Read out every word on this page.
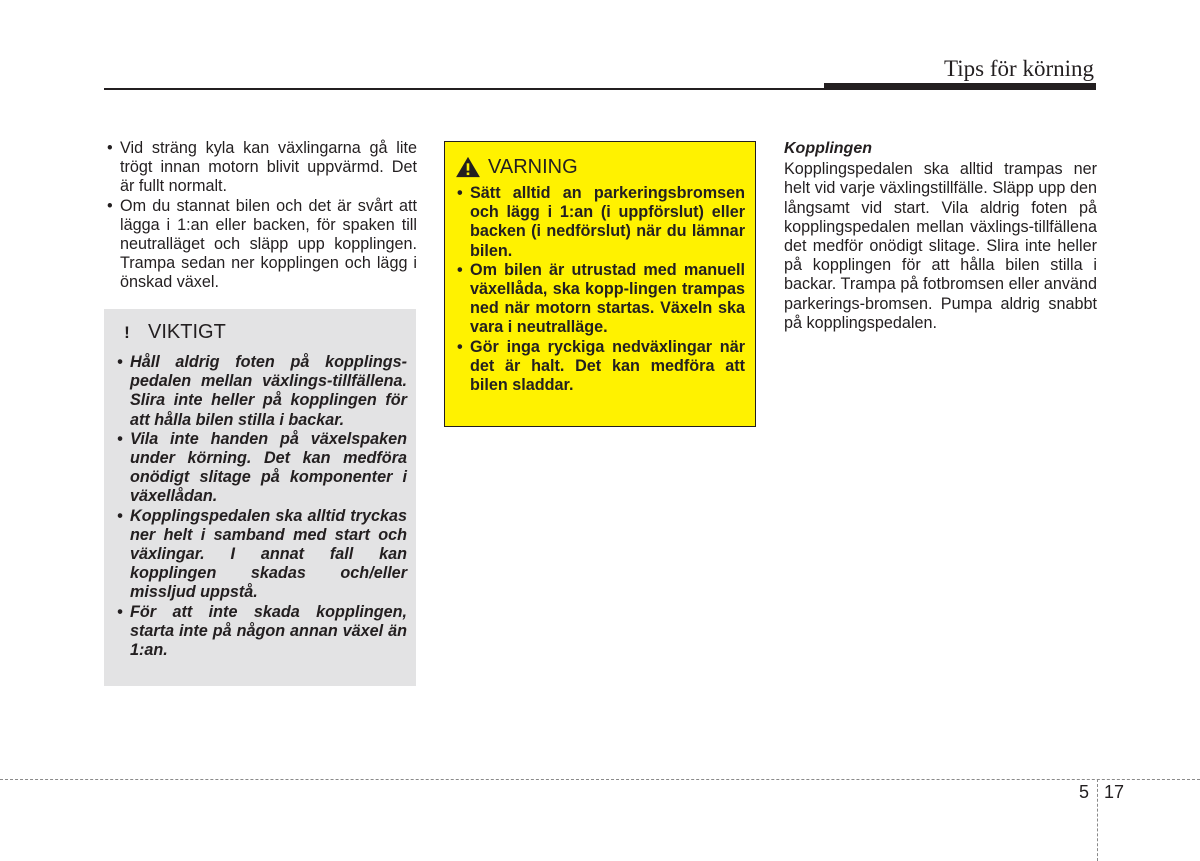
Tips för körning
• Vid sträng kyla kan växlingarna gå lite trögt innan motorn blivit uppvärmd. Det är fullt normalt.
• Om du stannat bilen och det är svårt att lägga i 1:an eller backen, för spaken till neutralläget och släpp upp kopplingen. Trampa sedan ner kopplingen och lägg i önskad växel.
! VIKTIGT
• Håll aldrig foten på kopplings-pedalen mellan växlings-tillfällena. Slira inte heller på kopplingen för att hålla bilen stilla i backar.
• Vila inte handen på växelspaken under körning. Det kan medföra onödigt slitage på komponenter i växellådan.
• Kopplingspedalen ska alltid tryckas ner helt i samband med start och växlingar. I annat fall kan kopplingen skadas och/eller missljud uppstå.
• För att inte skada kopplingen, starta inte på någon annan växel än 1:an.
VARNING
• Sätt alltid an parkeringsbromsen och lägg i 1:an (i uppförslut) eller backen (i nedförslut) när du lämnar bilen.
• Om bilen är utrustad med manuell växellåda, ska kopp-lingen trampas ned när motorn startas. Växeln ska vara i neutralläge.
• Gör inga ryckiga nedväxlingar när det är halt. Det kan medföra att bilen sladdar.
Kopplingen
Kopplingspedalen ska alltid trampas ner helt vid varje växlingstillfälle. Släpp upp den långsamt vid start. Vila aldrig foten på kopplingspedalen mellan växlings-tillfällena det medför onödigt slitage. Slira inte heller på kopplingen för att hålla bilen stilla i backar. Trampa på fotbromsen eller använd parkerings-bromsen. Pumpa aldrig snabbt på kopplingspedalen.
5 17
